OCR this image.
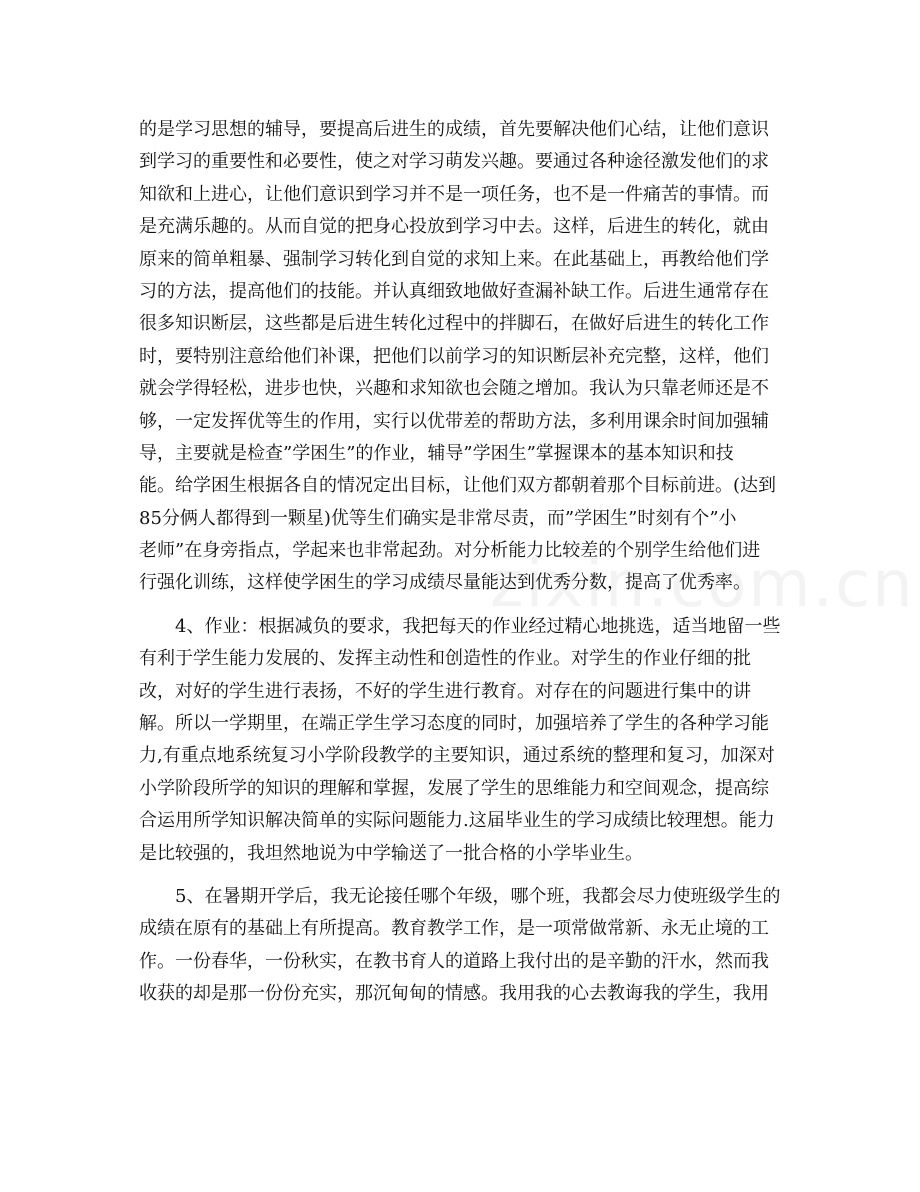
的是学习思想的辅导，要提高后进生的成绩，首先要解决他们心结，让他们意识
到学习的重要性和必要性，使之对学习萌发兴趣。要通过各种途径激发他们的求
知欲和上进心，让他们意识到学习并不是一项任务，也不是一件痛苦的事情。而
是充满乐趣的。从而自觉的把身心投放到学习中去。这样，后进生的转化，就由
原来的简单粗暴、强制学习转化到自觉的求知上来。在此基础上，再教给他们学
习的方法，提高他们的技能。并认真细致地做好查漏补缺工作。后进生通常存在
很多知识断层，这些都是后进生转化过程中的拌脚石，在做好后进生的转化工作
时，要特别注意给他们补课，把他们以前学习的知识断层补充完整，这样，他们
就会学得轻松，进步也快，兴趣和求知欲也会随之增加。我认为只靠老师还是不
够，一定发挥优等生的作用，实行以优带差的帮助方法，多利用课余时间加强辅
导，主要就是检查”学困生”的作业，辅导”学困生”掌握课本的基本知识和技
能。给学困生根据各自的情况定出目标，让他们双方都朝着那个目标前进。(达到
85分俩人都得到一颗星)优等生们确实是非常尽责，而”学困生”时刻有个”小
老师”在身旁指点，学起来也非常起劲。对分析能力比较差的个别学生给他们进
行强化训练，这样使学困生的学习成绩尽量能达到优秀分数，提高了优秀率。
4、作业：根据减负的要求，我把每天的作业经过精心地挑选，适当地留一些
有利于学生能力发展的、发挥主动性和创造性的作业。对学生的作业仔细的批
改，对好的学生进行表扬，不好的学生进行教育。对存在的问题进行集中的讲
解。所以一学期里，在端正学生学习态度的同时，加强培养了学生的各种学习能
力,有重点地系统复习小学阶段教学的主要知识，通过系统的整理和复习，加深对
小学阶段所学的知识的理解和掌握，发展了学生的思维能力和空间观念，提高综
合运用所学知识解决简单的实际问题能力.这届毕业生的学习成绩比较理想。能力
是比较强的，我坦然地说为中学输送了一批合格的小学毕业生。
5、在暑期开学后，我无论接任哪个年级，哪个班，我都会尽力使班级学生的
成绩在原有的基础上有所提高。教育教学工作，是一项常做常新、永无止境的工
作。一份春华，一份秋实，在教书育人的道路上我付出的是辛勤的汗水，然而我
收获的却是那一份份充实，那沉甸甸的情感。我用我的心去教诲我的学生，我用
